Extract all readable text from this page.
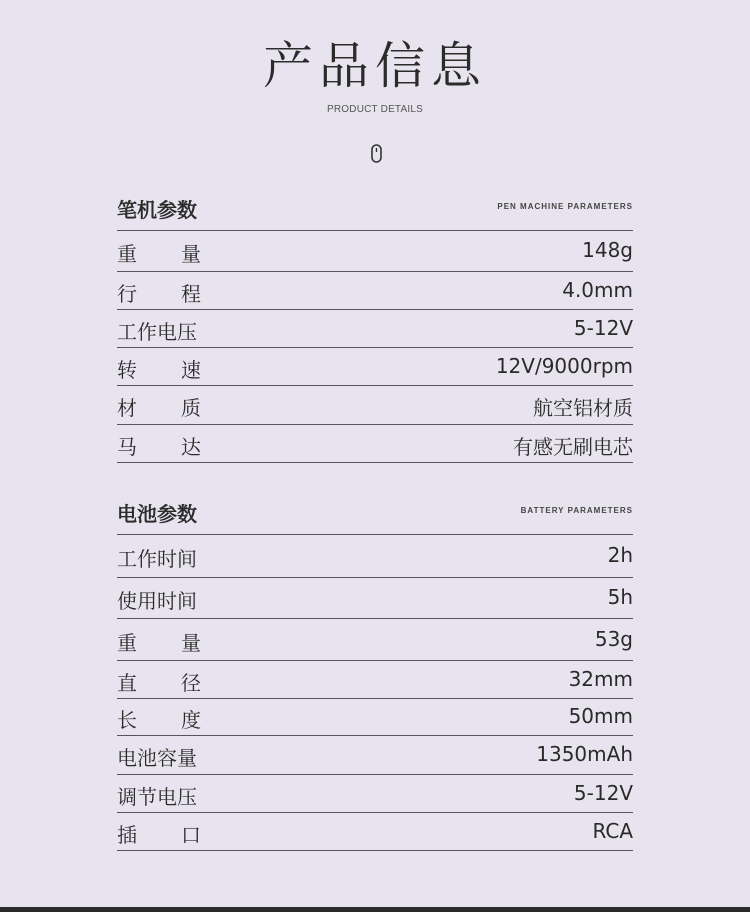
产品信息
PRODUCT DETAILS
笔机参数	PEN MACHINE PARAMETERS
重 量	148g
行 程	4.0mm
工作电压	5-12V
转 速	12V/9000rpm
材 质	航空铝材质
马 达	有感无刷电芯
电池参数	BATTERY PARAMETERS
工作时间	2h
使用时间	5h
重 量	53g
直 径	32mm
长 度	50mm
电池容量	1350mAh
调节电压	5-12V
插 口	RCA
